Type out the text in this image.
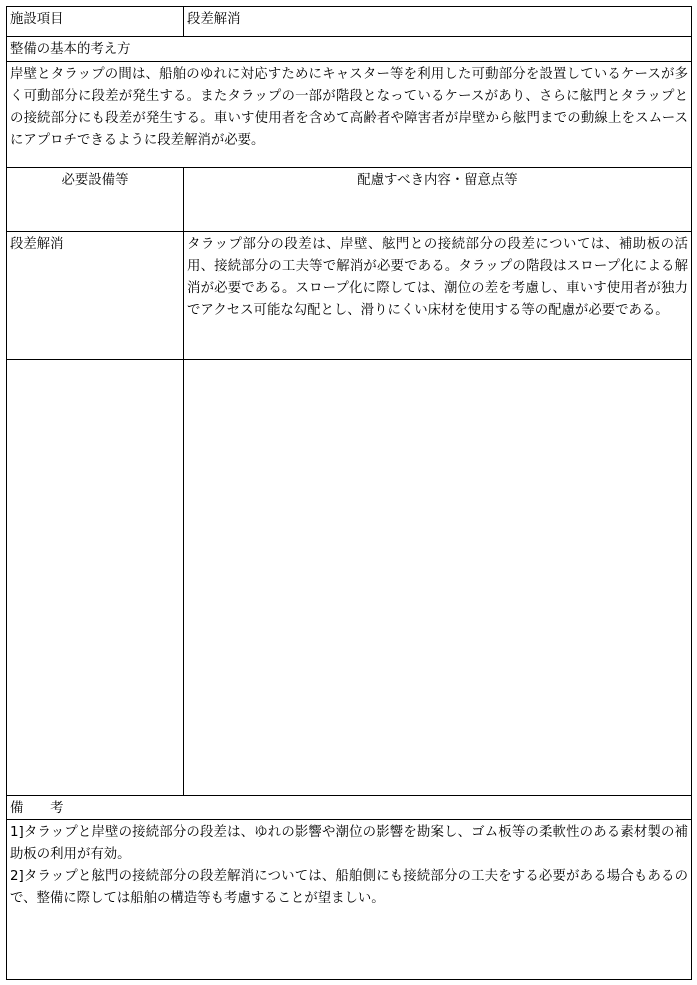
施設項目	段差解消
整備の基本的考え方

岸壁とタラップの間は、船舶のゆれに対応すためにキャスター等を利用した可動部分を設置しているケースが多く可動部分に段差が発生する。またタラップの一部が階段となっているケースがあり、さらに舷門とタラップとの接続部分にも段差が発生する。車いす使用者を含めて高齢者や障害者が岸壁から舷門までの動線上をスムースにアプロチできるように段差解消が必要。

必要設備等	配慮すべき内容・留意点等
段差解消	タラップ部分の段差は、岸壁、舷門との接続部分の段差については、補助板の活用、接続部分の工夫等で解消が必要である。タラップの階段はスロープ化による解消が必要である。スロープ化に際しては、潮位の差を考慮し、車いす使用者が独力でアクセス可能な勾配とし、滑りにくい床材を使用する等の配慮が必要である。

備　　考

1]タラップと岸壁の接続部分の段差は、ゆれの影響や潮位の影響を勘案し、ゴム板等の柔軟性のある素材製の補助板の利用が有効。

2]タラップと舷門の接続部分の段差解消については、船舶側にも接続部分の工夫をする必要がある場合もあるので、整備に際しては船舶の構造等も考慮することが望ましい。
